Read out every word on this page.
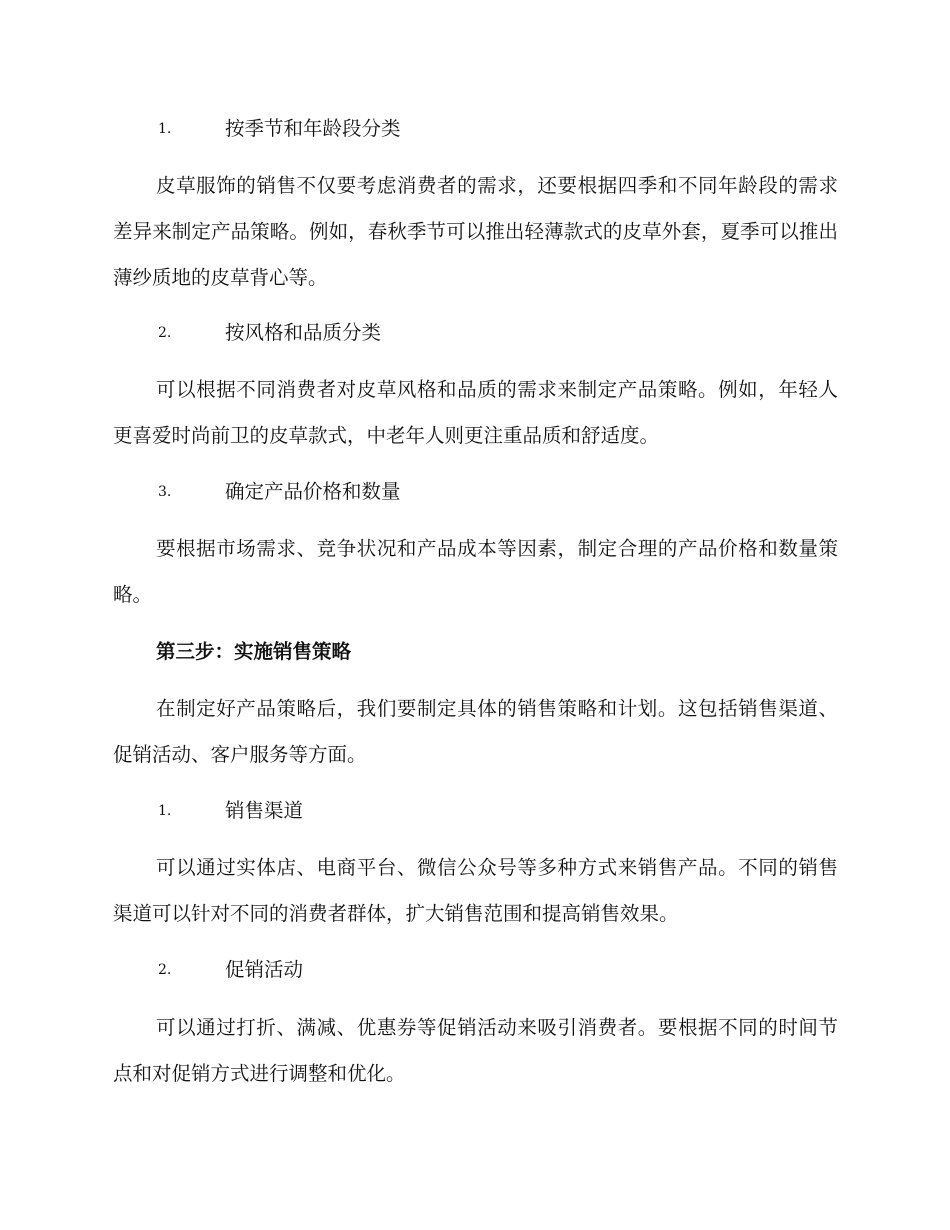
1.	按季节和年龄段分类
皮草服饰的销售不仅要考虑消费者的需求，还要根据四季和不同年龄段的需求差异来制定产品策略。例如，春秋季节可以推出轻薄款式的皮草外套，夏季可以推出薄纱质地的皮草背心等。
2.	按风格和品质分类
可以根据不同消费者对皮草风格和品质的需求来制定产品策略。例如，年轻人更喜爱时尚前卫的皮草款式，中老年人则更注重品质和舒适度。
3.	确定产品价格和数量
要根据市场需求、竞争状况和产品成本等因素，制定合理的产品价格和数量策略。
第三步：实施销售策略
在制定好产品策略后，我们要制定具体的销售策略和计划。这包括销售渠道、促销活动、客户服务等方面。
1.	销售渠道
可以通过实体店、电商平台、微信公众号等多种方式来销售产品。不同的销售渠道可以针对不同的消费者群体，扩大销售范围和提高销售效果。
2.	促销活动
可以通过打折、满减、优惠券等促销活动来吸引消费者。要根据不同的时间节点和对促销方式进行调整和优化。
